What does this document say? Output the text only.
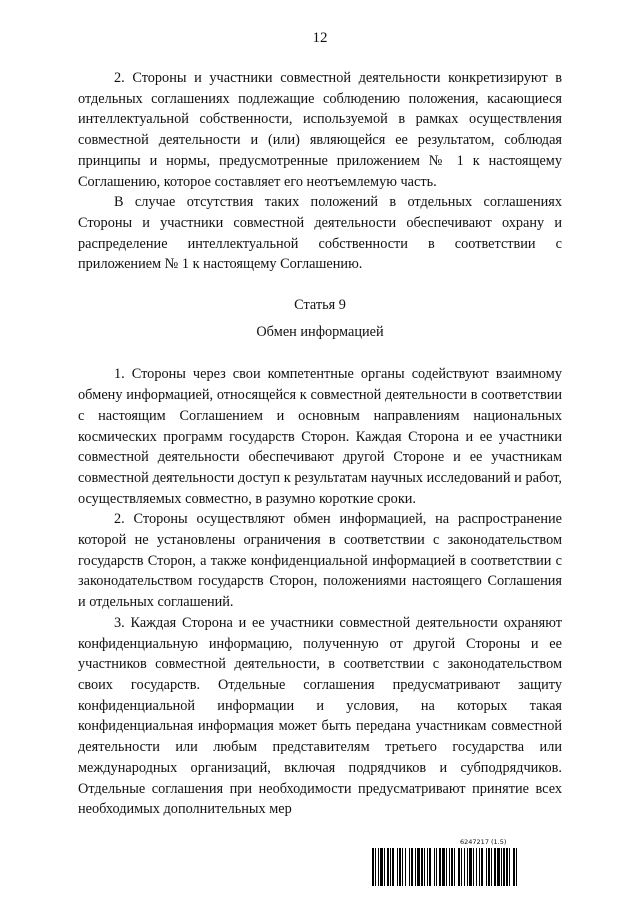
12

2. Стороны и участники совместной деятельности конкретизируют в отдельных соглашениях подлежащие соблюдению положения, касающиеся интеллектуальной собственности, используемой в рамках осуществления совместной деятельности и (или) являющейся ее результатом, соблюдая принципы и нормы, предусмотренные приложением № 1 к настоящему Соглашению, которое составляет его неотъемлемую часть.

В случае отсутствия таких положений в отдельных соглашениях Стороны и участники совместной деятельности обеспечивают охрану и распределение интеллектуальной собственности в соответствии с приложением № 1 к настоящему Соглашению.

Статья 9

Обмен информацией

1. Стороны через свои компетентные органы содействуют взаимному обмену информацией, относящейся к совместной деятельности в соответствии с настоящим Соглашением и основным направлениям национальных космических программ государств Сторон. Каждая Сторона и ее участники совместной деятельности обеспечивают другой Стороне и ее участникам совместной деятельности доступ к результатам научных исследований и работ, осуществляемых совместно, в разумно короткие сроки.

2. Стороны осуществляют обмен информацией, на распространение которой не установлены ограничения в соответствии с законодательством государств Сторон, а также конфиденциальной информацией в соответствии с законодательством государств Сторон, положениями настоящего Соглашения и отдельных соглашений.

3. Каждая Сторона и ее участники совместной деятельности охраняют конфиденциальную информацию, полученную от другой Стороны и ее участников совместной деятельности, в соответствии с законодательством своих государств. Отдельные соглашения предусматривают защиту конфиденциальной информации и условия, на которых такая конфиденциальная информация может быть передана участникам совместной деятельности или любым представителям третьего государства или международных организаций, включая подрядчиков и субподрядчиков. Отдельные соглашения при необходимости предусматривают принятие всех необходимых дополнительных мер

6247217 (1.5)
